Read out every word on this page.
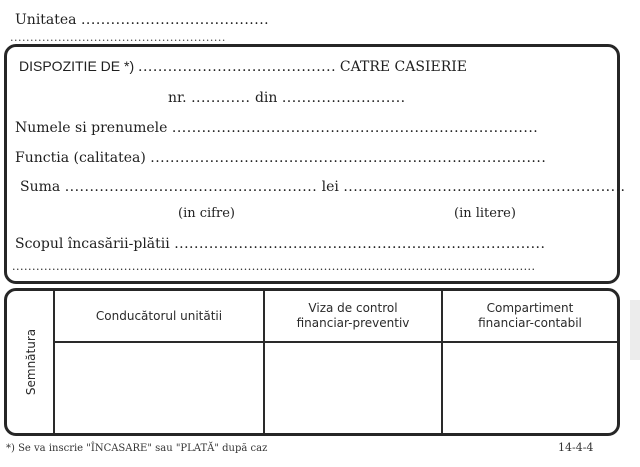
Unitatea ......................................
......................................................
DISPOZITIE DE *) ........................................ CATRE CASIERIE
nr. ............ din .........................
Numele si prenumele ..........................................................................
Functia (calitatea) ................................................................................
Suma ................................................... lei .........................................................
(in cifre)	(in litere)
Scopul încasării-plătii ...........................................................................
...................................................................................................................................
Semnătura
Conducătorul unitătii
Viza de control
financiar-preventiv
Compartiment
financiar-contabil
*) Se va inscrie "ÎNCASARE" sau "PLATĂ" după caz	14-4-4
